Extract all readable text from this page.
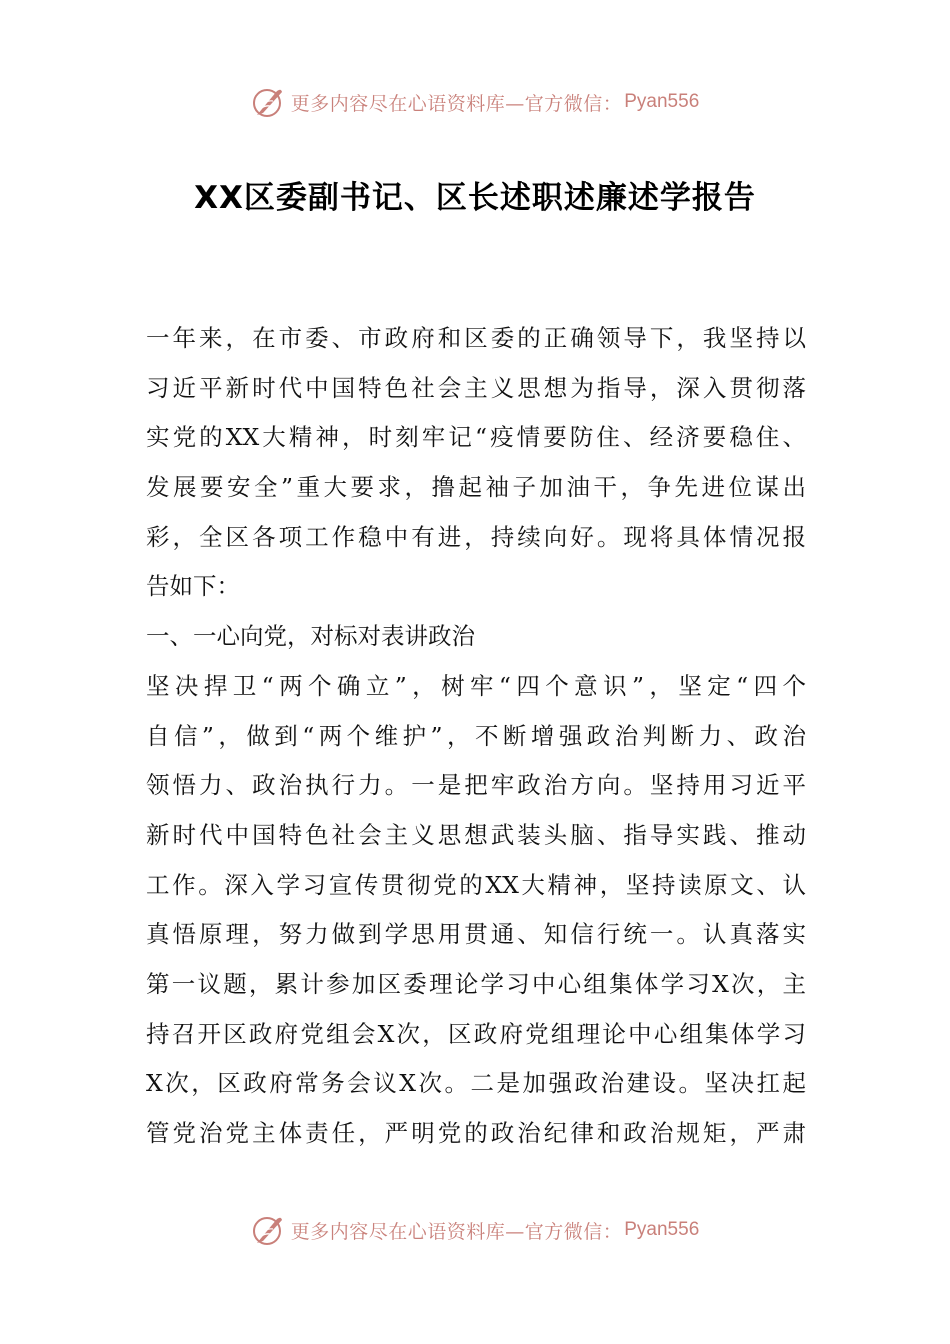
更多内容尽在心语资料库—官方微信： Pyan556
XX区委副书记、区长述职述廉述学报告
一年来，在市委、市政府和区委的正确领导下，我坚持以
习近平新时代中国特色社会主义思想为指导，深入贯彻落
实党的XX大精神，时刻牢记“疫情要防住、经济要稳住、
发展要安全”重大要求，撸起袖子加油干，争先进位谋出
彩，全区各项工作稳中有进，持续向好。现将具体情况报
告如下：
一、一心向党，对标对表讲政治
坚决捍卫“两个确立”，树牢“四个意识”，坚定“四个
自信”，做到“两个维护”，不断增强政治判断力、政治
领悟力、政治执行力。一是把牢政治方向。坚持用习近平
新时代中国特色社会主义思想武装头脑、指导实践、推动
工作。深入学习宣传贯彻党的XX大精神，坚持读原文、认
真悟原理，努力做到学思用贯通、知信行统一。认真落实
第一议题，累计参加区委理论学习中心组集体学习X次，主
持召开区政府党组会X次，区政府党组理论中心组集体学习
X次，区政府常务会议X次。二是加强政治建设。坚决扛起
管党治党主体责任，严明党的政治纪律和政治规矩，严肃
更多内容尽在心语资料库—官方微信： Pyan556
